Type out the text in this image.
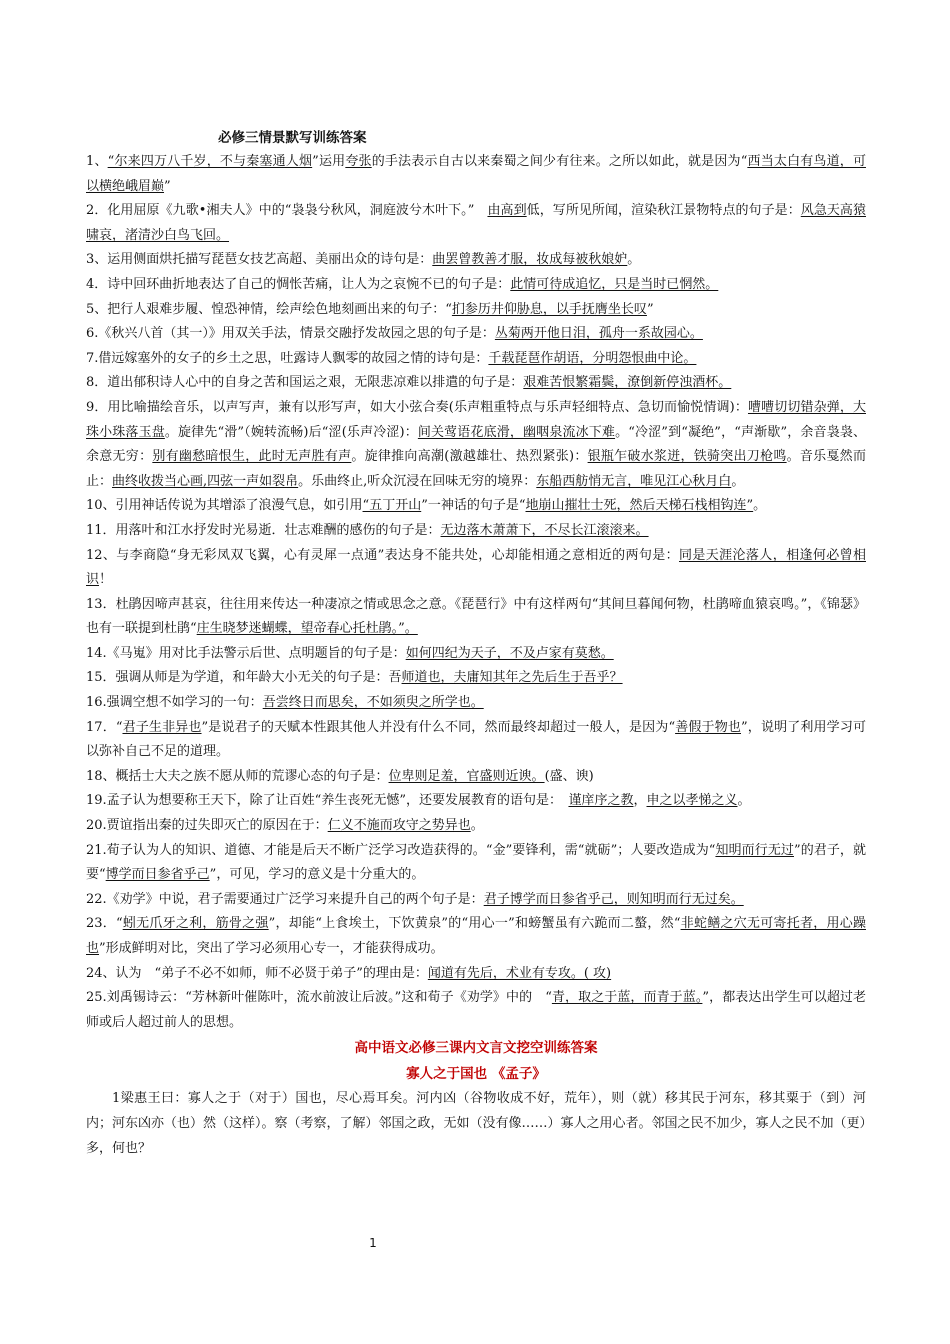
必修三情景默写训练答案

1、“尔来四万八千岁，不与秦塞通人烟”运用夸张的手法表示自古以来秦蜀之间少有往来。之所以如此，就是因为“西当太白有鸟道，可以横绝峨眉巅”

2．化用屈原《九歌•湘夫人》中的“袅袅兮秋风，洞庭波兮木叶下。”　由高到低，写所见所闻，渲染秋江景物特点的句子是：风急天高猿啸哀，渚清沙白鸟飞回。

3、运用侧面烘托描写琵琶女技艺高超、美丽出众的诗句是：曲罢曾教善才服，妆成每被秋娘妒。

4．诗中回环曲折地表达了自己的惆怅苦痛，让人为之哀惋不已的句子是：此情可待成追忆，只是当时已惘然。

5、把行人艰难步履、惶恐神情，绘声绘色地刻画出来的句子：“扪参历井仰胁息，以手抚膺坐长叹”

6.《秋兴八首（其一）》用双关手法，情景交融抒发故园之思的句子是：丛菊两开他日泪，孤舟一系故园心。

7.借远嫁塞外的女子的乡土之思，吐露诗人飘零的故园之情的诗句是：千载琵琶作胡语，分明怨恨曲中论。

8．道出郁积诗人心中的自身之苦和国运之艰，无限悲凉难以排遣的句子是：艰难苦恨繁霜鬓，潦倒新停浊酒杯。

9．用比喻描绘音乐，以声写声，兼有以形写声，如大小弦合奏(乐声粗重特点与乐声轻细特点、急切而愉悦情调)：嘈嘈切切错杂弹，大珠小珠落玉盘。旋律先“滑”（婉转流畅)后“涩(乐声冷涩)：间关莺语花底滑，幽咽泉流冰下难。“冷涩”到“凝绝”，“声渐歇”，余音袅袅、余意无穷：别有幽愁暗恨生，此时无声胜有声。旋律推向高潮(激越雄壮、热烈紧张)：银瓶乍破水浆迸，铁骑突出刀枪鸣。音乐戛然而止：曲终收拨当心画,四弦一声如裂帛。乐曲终止,听众沉浸在回味无穷的境界：东船西舫悄无言，唯见江心秋月白。

10、引用神话传说为其增添了浪漫气息，如引用“五丁开山”一神话的句子是“地崩山摧壮士死，然后天梯石栈相钩连”。

11．用落叶和江水抒发时光易逝．壮志难酬的感伤的句子是：无边落木萧萧下，不尽长江滚滚来。

12、与李商隐“身无彩凤双飞翼，心有灵犀一点通”表达身不能共处，心却能相通之意相近的两句是：同是天涯沦落人，相逢何必曾相识！

13．杜鹃因啼声甚哀，往往用来传达一种凄凉之情或思念之意。《琵琶行》中有这样两句“其间旦暮闻何物，杜鹃啼血猿哀鸣。”，《锦瑟》也有一联提到杜鹃“庄生晓梦迷蝴蝶，望帝春心托杜鹃。”。

14.《马嵬》用对比手法警示后世、点明题旨的句子是：如何四纪为天子，不及卢家有莫愁。

15．强调从师是为学道，和年龄大小无关的句子是：吾师道也，夫庸知其年之先后生于吾乎？

16.强调空想不如学习的一句：吾尝终日而思矣，不如须臾之所学也。

17．“君子生非异也”是说君子的天赋本性跟其他人并没有什么不同，然而最终却超过一般人，是因为“善假于物也”，说明了利用学习可以弥补自己不足的道理。

18、概括士大夫之族不愿从师的荒谬心态的句子是：位卑则足羞，官盛则近谀。(盛、谀)

19.孟子认为想要称王天下，除了让百姓“养生丧死无憾”，还要发展教育的语句是：　谨庠序之教，申之以孝悌之义。

20.贾谊指出秦的过失即灭亡的原因在于：仁义不施而攻守之势异也。

21.荀子认为人的知识、道德、才能是后天不断广泛学习改造获得的。“金”要锋利，需“就砺”；人要改造成为“知明而行无过”的君子，就要“博学而日参省乎己”，可见，学习的意义是十分重大的。

22.《劝学》中说，君子需要通过广泛学习来提升自己的两个句子是：君子博学而日参省乎己，则知明而行无过矣。

23．“蚓无爪牙之利，筋骨之强”，却能“上食埃土，下饮黄泉”的“用心一”和螃蟹虽有六跪而二螯，然“非蛇鳝之穴无可寄托者，用心躁也”形成鲜明对比，突出了学习必须用心专一，才能获得成功。

24、认为　“弟子不必不如师，师不必贤于弟子”的理由是：闻道有先后，术业有专攻。( 攻)

25.刘禹锡诗云：“芳林新叶催陈叶，流水前波让后波。”这和荀子《劝学》中的　“青，取之于蓝，而青于蓝。”，都表达出学生可以超过老师或后人超过前人的思想。

高中语文必修三课内文言文挖空训练答案
寡人之于国也 《孟子》

1梁惠王曰：寡人之于（对于）国也，尽心焉耳矣。河内凶（谷物收成不好，荒年），则（就）移其民于河东，移其粟于（到）河内；河东凶亦（也）然（这样）。察（考察，了解）邻国之政，无如（没有像……）寡人之用心者。邻国之民不加少，寡人之民不加（更）多，何也？

1
